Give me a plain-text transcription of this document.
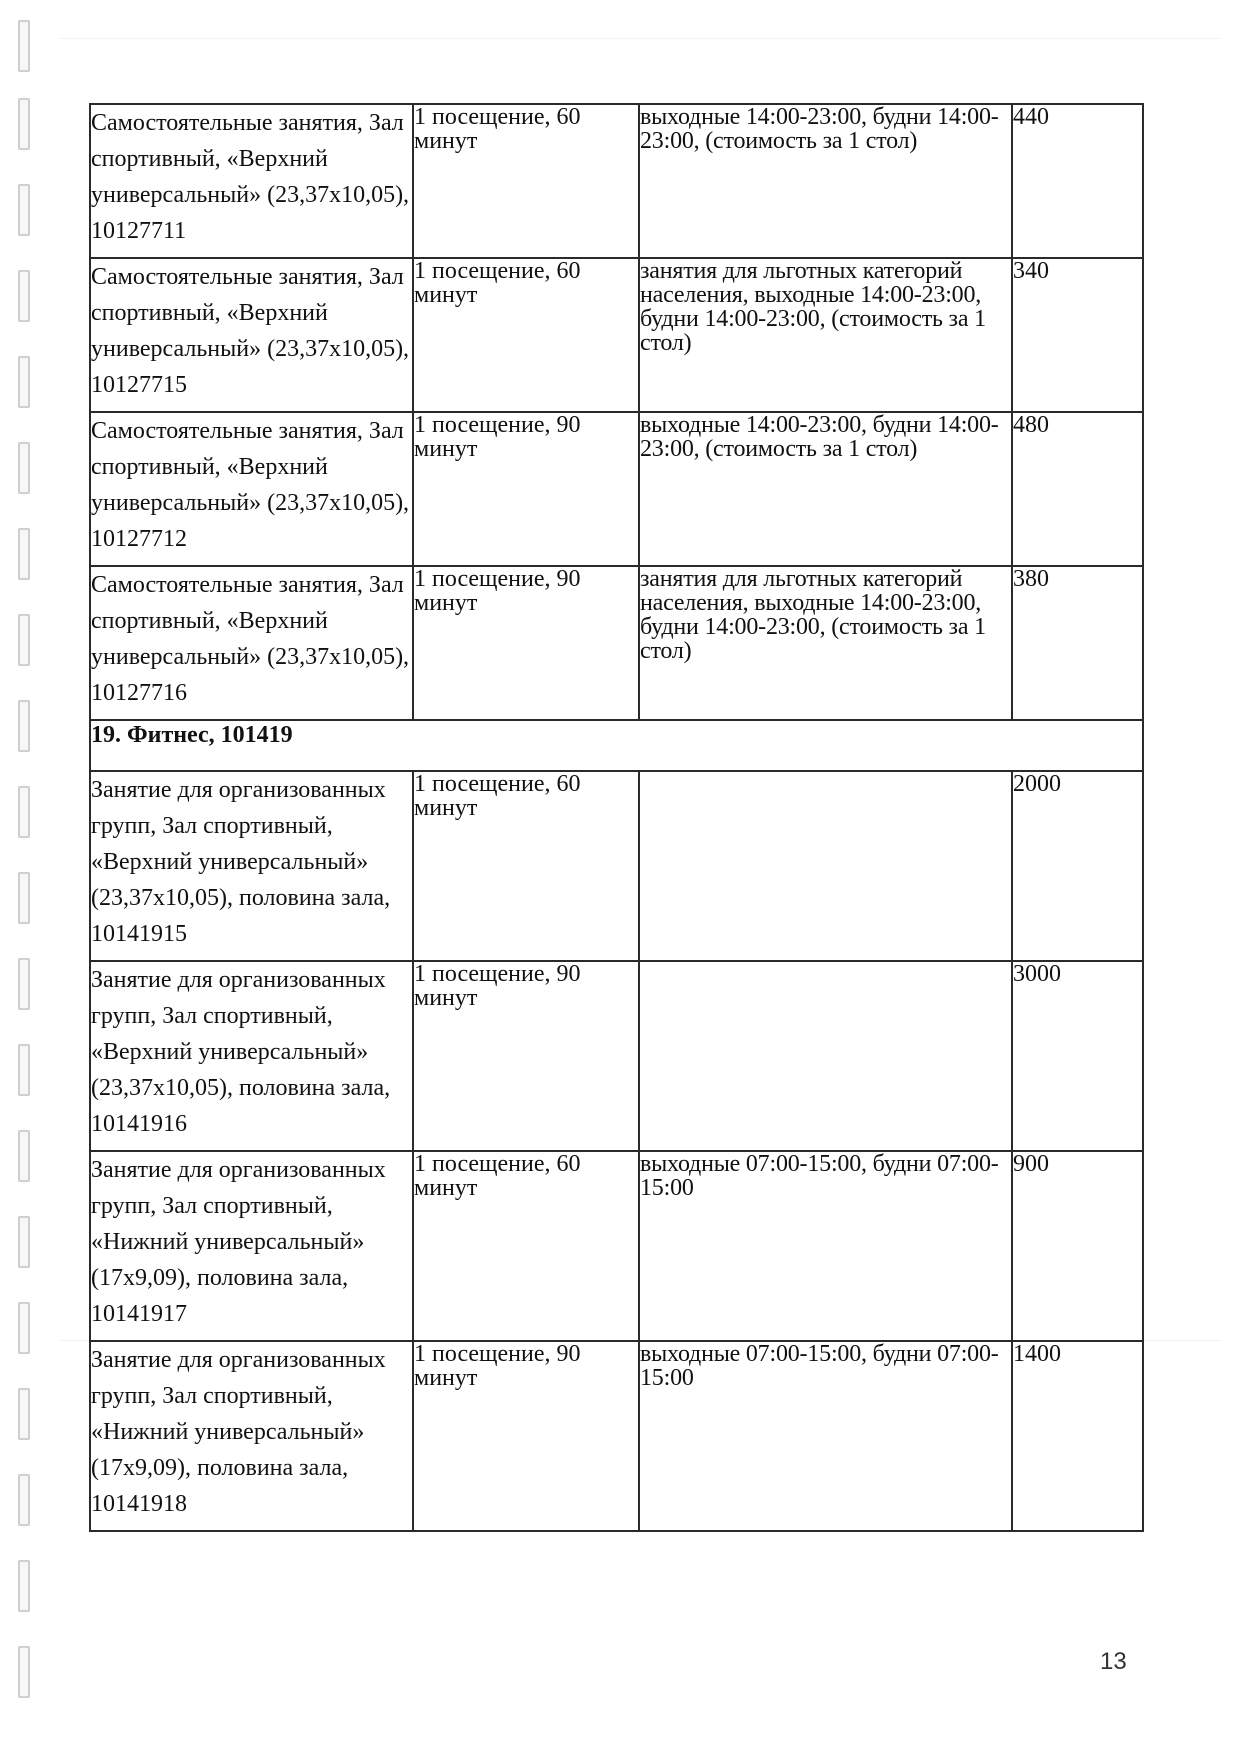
Самостоятельные занятия, Зал спортивный, «Верхний универсальный» (23,37x10,05), 10127711	1 посещение, 60 минут	выходные 14:00-23:00, будни 14:00-23:00, (стоимость за 1 стол)	440
Самостоятельные занятия, Зал спортивный, «Верхний универсальный» (23,37x10,05), 10127715	1 посещение, 60 минут	занятия для льготных категорий населения, выходные 14:00-23:00, будни 14:00-23:00, (стоимость за 1 стол)	340
Самостоятельные занятия, Зал спортивный, «Верхний универсальный» (23,37x10,05), 10127712	1 посещение, 90 минут	выходные 14:00-23:00, будни 14:00-23:00, (стоимость за 1 стол)	480
Самостоятельные занятия, Зал спортивный, «Верхний универсальный» (23,37x10,05), 10127716	1 посещение, 90 минут	занятия для льготных категорий населения, выходные 14:00-23:00, будни 14:00-23:00, (стоимость за 1 стол)	380
19. Фитнес, 101419			
Занятие для организованных групп, Зал спортивный, «Верхний универсальный» (23,37x10,05), половина зала, 10141915	1 посещение, 60 минут		2000
Занятие для организованных групп, Зал спортивный, «Верхний универсальный» (23,37x10,05), половина зала, 10141916	1 посещение, 90 минут		3000
Занятие для организованных групп, Зал спортивный, «Нижний универсальный» (17x9,09), половина зала, 10141917	1 посещение, 60 минут	выходные 07:00-15:00, будни 07:00-15:00	900
Занятие для организованных групп, Зал спортивный, «Нижний универсальный» (17x9,09), половина зала, 10141918	1 посещение, 90 минут	выходные 07:00-15:00, будни 07:00-15:00	1400
13
